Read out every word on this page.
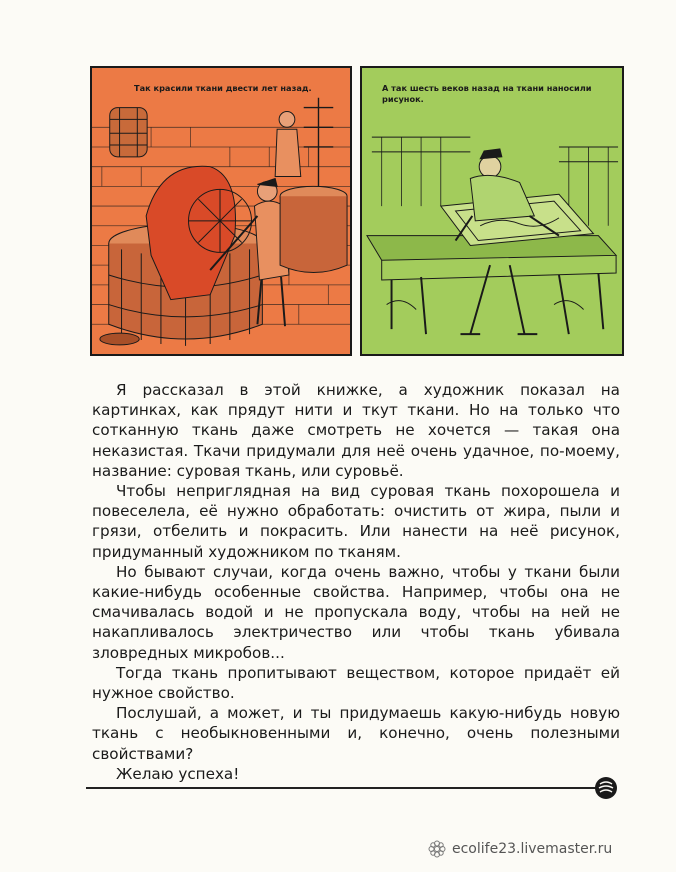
Так красили ткани двести лет назад.	А так шесть веков назад на ткани наносили рисунок.

Я рассказал в этой книжке, а художник показал на картинках, как прядут нити и ткут ткани. Но на только что сотканную ткань даже смотреть не хочется — такая она неказистая. Ткачи придумали для неё очень удачное, по-моему, название: суровая ткань, или суровьё.

Чтобы неприглядная на вид суровая ткань похорошела и повеселела, её нужно обработать: очистить от жира, пыли и грязи, отбелить и покрасить. Или нанести на неё рисунок, придуманный художником по тканям.

Но бывают случаи, когда очень важно, чтобы у ткани были какие-нибудь особенные свойства. Например, чтобы она не смачивалась водой и не пропускала воду, чтобы на ней не накапливалось электричество или чтобы ткань убивала зловредных микробов...

Тогда ткань пропитывают веществом, которое придаёт ей нужное свойство.

Послушай, а может, и ты придумаешь какую-нибудь новую ткань с необыкновенными и, конечно, очень полезными свойствами?

Желаю успеха!

ecolife23.livemaster.ru
